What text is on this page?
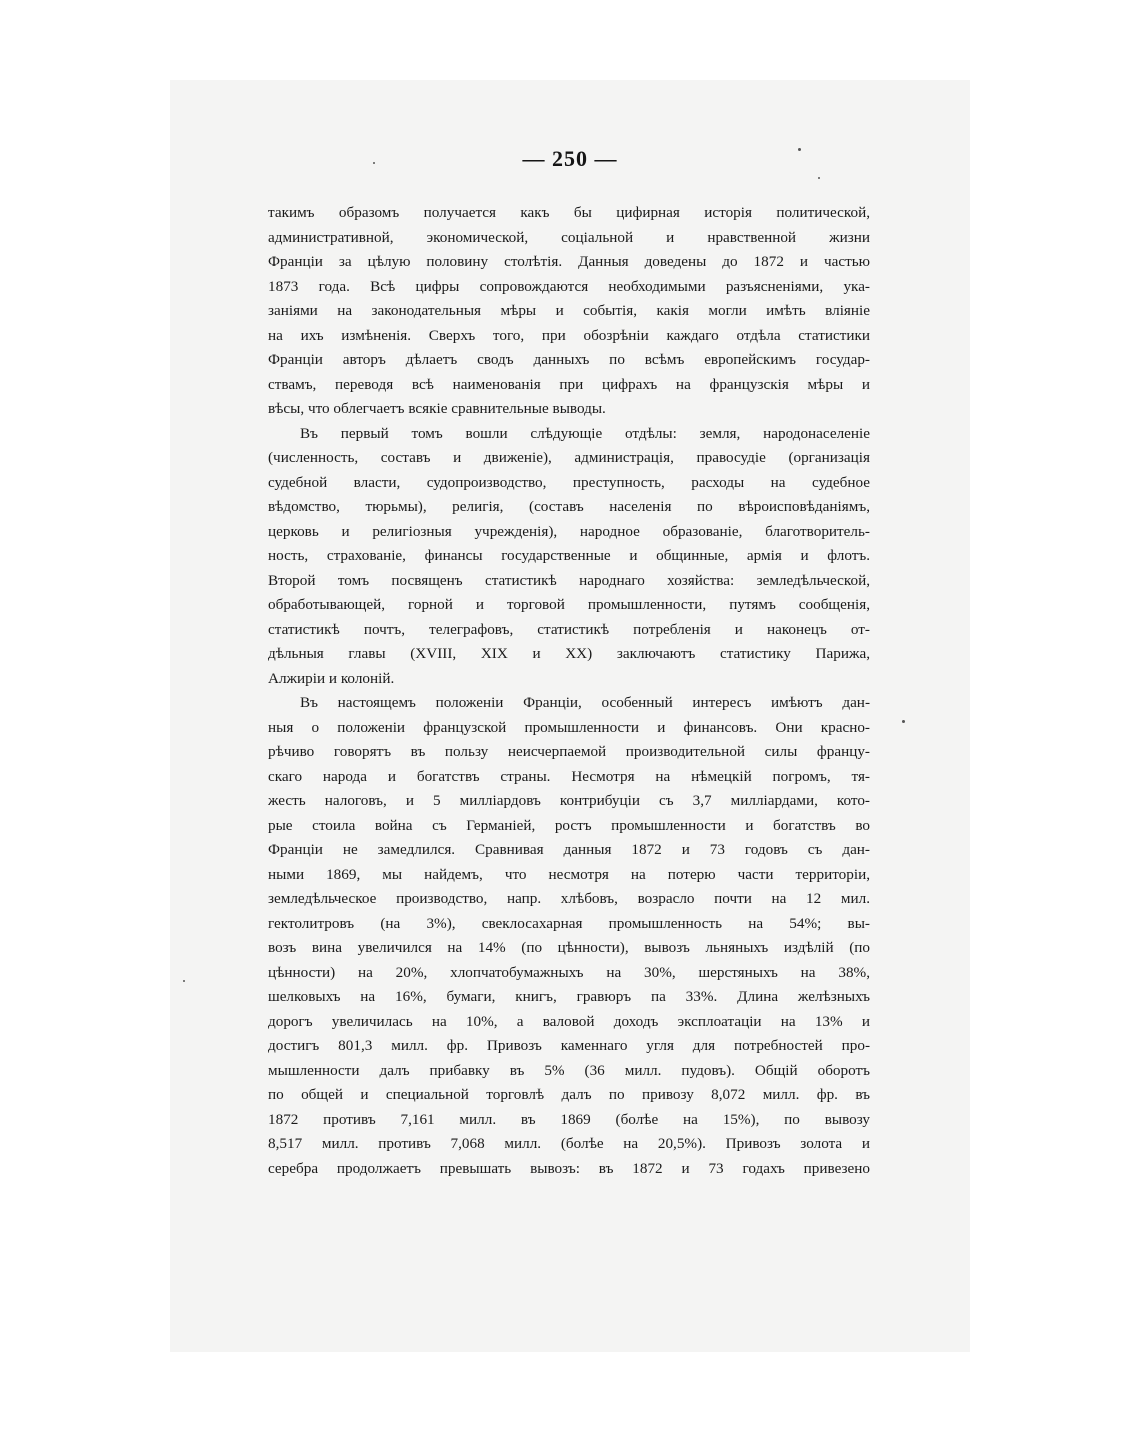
— 250 —
такимъ образомъ получается какъ бы цифирная исторія политической,
административной, экономической, соціальной и нравственной жизни
Франціи за цѣлую половину столѣтія. Данныя доведены до 1872 и частью
1873 года. Всѣ цифры сопровождаются необходимыми разъясненіями, ука-
заніями на законодательныя мѣры и событія, какія могли имѣть вліяніе
на ихъ измѣненія. Сверхъ того, при обозрѣніи каждаго отдѣла статистики
Франціи авторъ дѣлаетъ сводъ данныхъ по всѣмъ европейскимъ государ-
ствамъ, переводя всѣ наименованія при цифрахъ на французскія мѣры и
вѣсы, что облегчаетъ всякіе сравнительные выводы.
Въ первый томъ вошли слѣдующіе отдѣлы: земля, народонаселеніе
(численность, составъ и движеніе), администрація, правосудіе (организація
судебной власти, судопроизводство, преступность, расходы на судебное
вѣдомство, тюрьмы), религія, (составъ населенія по вѣроисповѣданіямъ,
церковь и религіозныя учрежденія), народное образованіе, благотворитель-
ность, страхованіе, финансы государственные и общинные, армія и флотъ.
Второй томъ посвященъ статистикѣ народнаго хозяйства: земледѣльческой,
обработывающей, горной и торговой промышленности, путямъ сообщенія,
статистикѣ почтъ, телеграфовъ, статистикѣ потребленія и наконецъ от-
дѣльныя главы (XVIII, XIX и XX) заключаютъ статистику Парижа,
Алжиріи и колоній.
Въ настоящемъ положеніи Франціи, особенный интересъ имѣютъ дан-
ныя о положеніи французской промышленности и финансовъ. Они красно-
рѣчиво говорятъ въ пользу неисчерпаемой производительной силы францу-
скаго народа и богатствъ страны. Несмотря на нѣмецкій погромъ, тя-
жесть налоговъ, и 5 милліардовъ контрибуціи съ 3,7 милліардами, кото-
рые стоила война съ Германіей, ростъ промышленности и богатствъ во
Франціи не замедлился. Сравнивая данныя 1872 и 73 годовъ съ дан-
ными 1869, мы найдемъ, что несмотря на потерю части территоріи,
земледѣльческое производство, напр. хлѣбовъ, возрасло почти на 12 мил.
гектолитровъ (на 3%), свеклосахарная промышленность на 54%; вы-
возъ вина увеличился на 14% (по цѣнности), вывозъ льняныхъ издѣлій (по
цѣнности) на 20%, хлопчатобумажныхъ на 30%, шерстяныхъ на 38%,
шелковыхъ на 16%, бумаги, книгъ, гравюръ па 33%. Длина желѣзныхъ
дорогъ увеличилась на 10%, а валовой доходъ эксплоатаціи на 13% и
достигъ 801,3 милл. фр. Привозъ каменнаго угля для потребностей про-
мышленности далъ прибавку въ 5% (36 милл. пудовъ). Общій оборотъ
по общей и специальной торговлѣ далъ по привозу 8,072 милл. фр. въ
1872 противъ 7,161 милл. въ 1869 (болѣе на 15%), по вывозу
8,517 милл. противъ 7,068 милл. (болѣе на 20,5%). Привозъ золота и
серебра продолжаетъ превышать вывозъ: въ 1872 и 73 годахъ привезено
